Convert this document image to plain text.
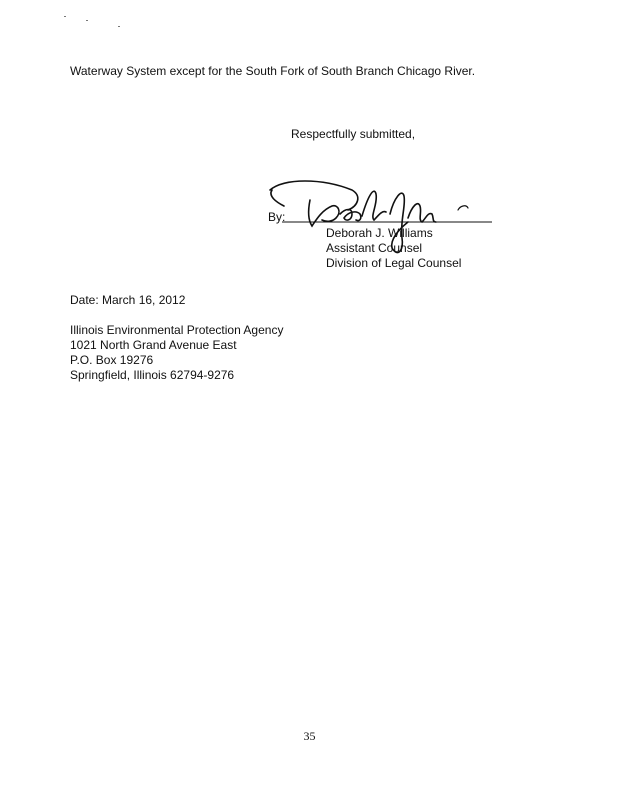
Waterway System except for the South Fork of South Branch Chicago River.
Respectfully submitted,
By:
Deborah J. Williams
Assistant Counsel
Division of Legal Counsel
Date: March 16, 2012
Illinois Environmental Protection Agency
1021 North Grand Avenue East
P.O. Box 19276
Springfield, Illinois 62794-9276
35
